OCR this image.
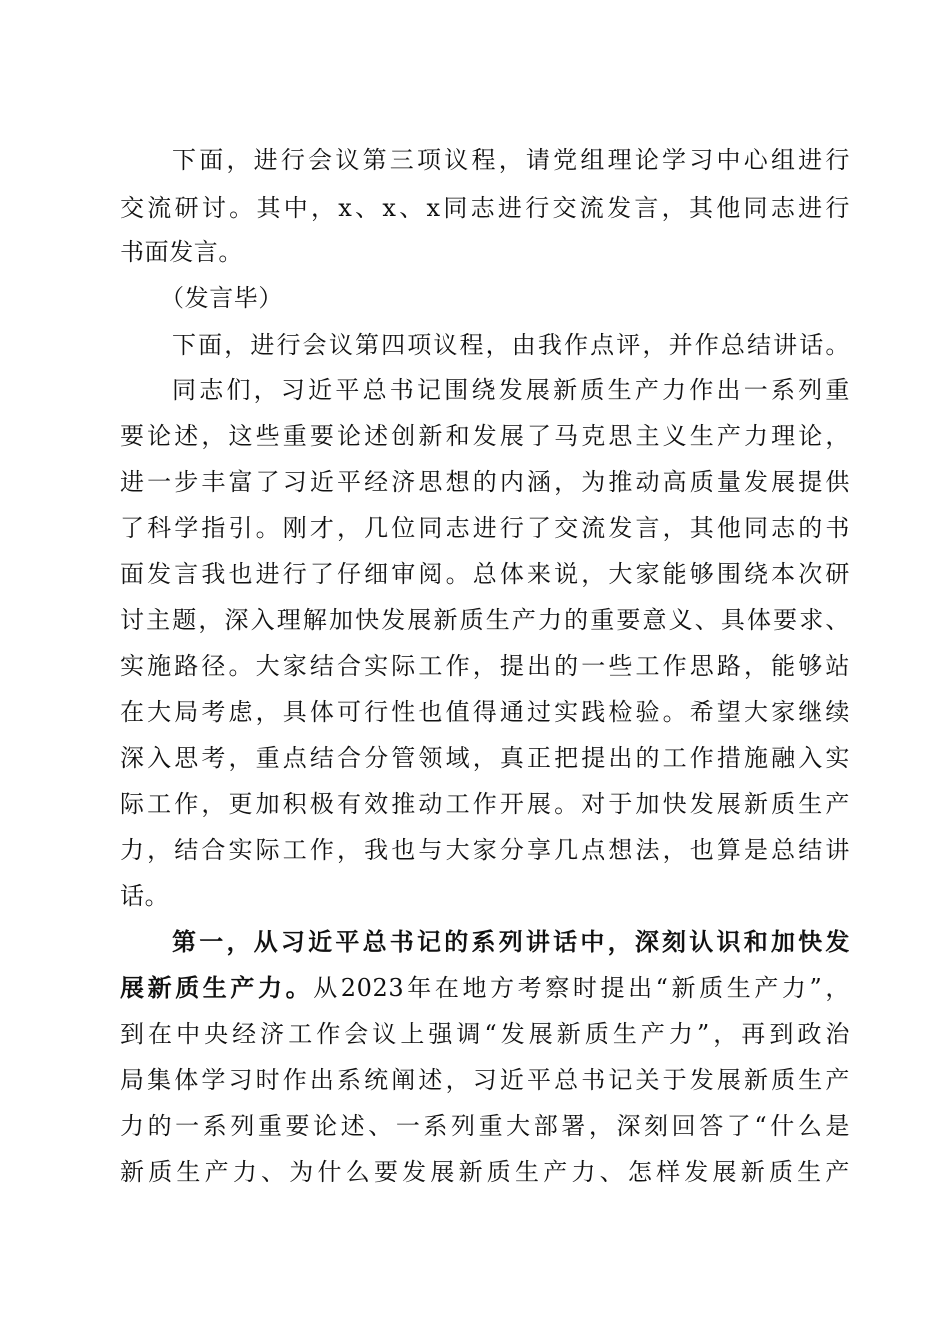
下面，进行会议第三项议程，请党组理论学习中心组进行

交流研讨。其中，x、x、x同志进行交流发言，其他同志进行

书面发言。

（发言毕）

下面，进行会议第四项议程，由我作点评，并作总结讲话。

同志们，习近平总书记围绕发展新质生产力作出一系列重

要论述，这些重要论述创新和发展了马克思主义生产力理论，

进一步丰富了习近平经济思想的内涵，为推动高质量发展提供

了科学指引。刚才，几位同志进行了交流发言，其他同志的书

面发言我也进行了仔细审阅。总体来说，大家能够围绕本次研

讨主题，深入理解加快发展新质生产力的重要意义、具体要求、

实施路径。大家结合实际工作，提出的一些工作思路，能够站

在大局考虑，具体可行性也值得通过实践检验。希望大家继续

深入思考，重点结合分管领域，真正把提出的工作措施融入实

际工作，更加积极有效推动工作开展。对于加快发展新质生产

力，结合实际工作，我也与大家分享几点想法，也算是总结讲

话。

第一，从习近平总书记的系列讲话中，深刻认识和加快发

展新质生产力。从2023年在地方考察时提出“新质生产力”，

到在中央经济工作会议上强调“发展新质生产力”，再到政治

局集体学习时作出系统阐述，习近平总书记关于发展新质生产

力的一系列重要论述、一系列重大部署，深刻回答了“什么是

新质生产力、为什么要发展新质生产力、怎样发展新质生产
